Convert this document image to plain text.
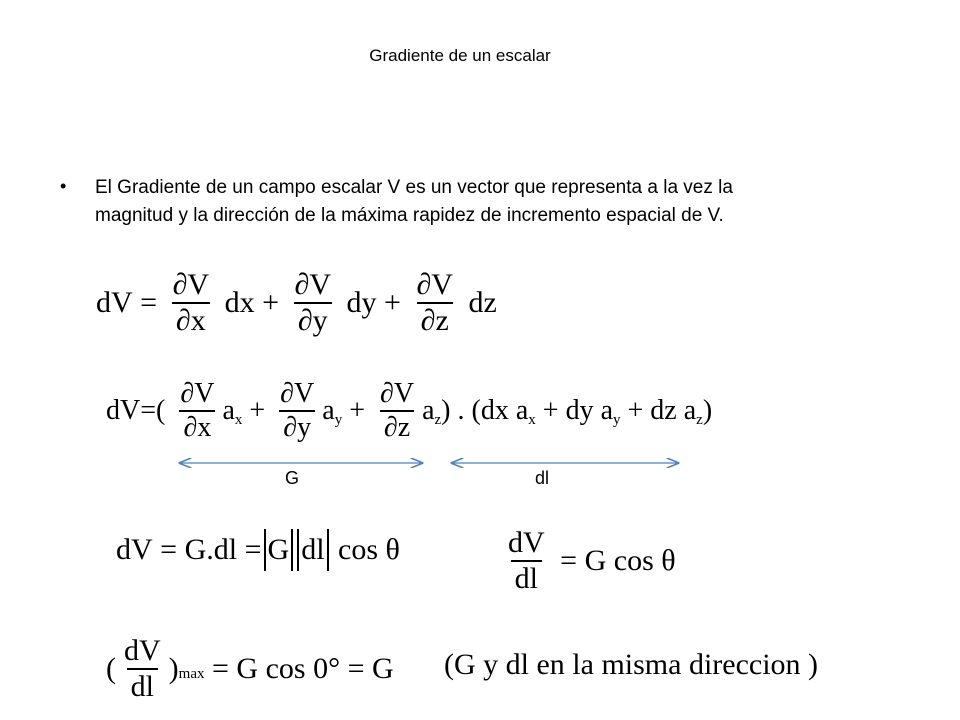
Gradiente de un escalar
• El Gradiente de un campo escalar V es un vector que representa a la vez la magnitud y la dirección de la máxima rapidez de incremento espacial de V.
dV = $\frac{\partial V}{\partial x}$ dx + $\frac{\partial V}{\partial y}$ dy + $\frac{\partial V}{\partial z}$ dz
$dV=( \frac{\partial V}{\partial x}$ ax + $\frac{\partial V}{\partial y}$ ay + $\frac{\partial V}{\partial z} az$) . (dx ax + dy ay + dz az)
G	dl
dV = G.dl = G dl cos θ	$\frac{dV}{dl} = G$ cos θ
( $\frac{dV}{dl} )\max = G$ cos 0° = G (G y dl en la misma direccion )
